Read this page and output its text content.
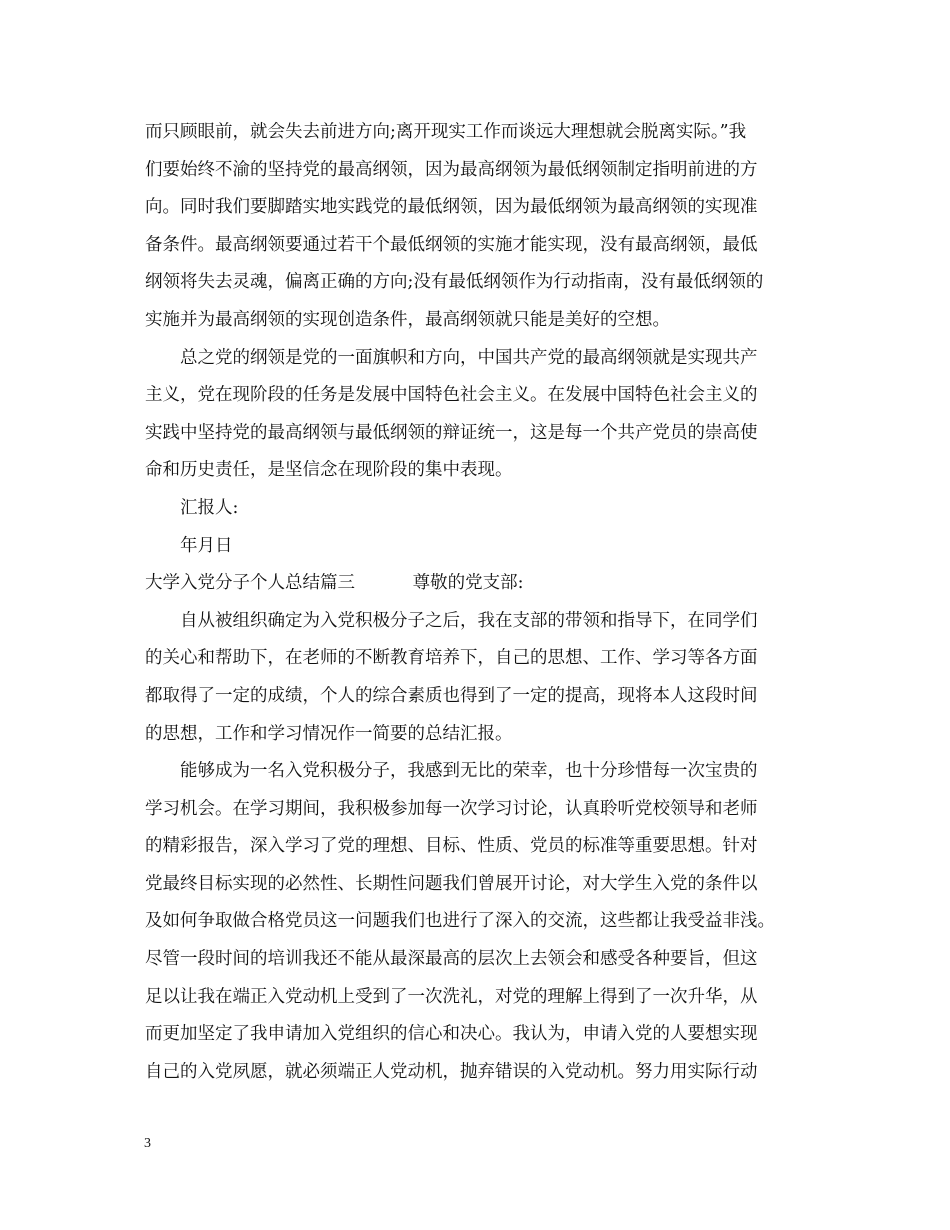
而只顾眼前，就会失去前进方向;离开现实工作而谈远大理想就会脱离实际。”我
们要始终不渝的坚持党的最高纲领，因为最高纲领为最低纲领制定指明前进的方
向。同时我们要脚踏实地实践党的最低纲领，因为最低纲领为最高纲领的实现准
备条件。最高纲领要通过若干个最低纲领的实施才能实现，没有最高纲领，最低
纲领将失去灵魂，偏离正确的方向;没有最低纲领作为行动指南，没有最低纲领的
实施并为最高纲领的实现创造条件，最高纲领就只能是美好的空想。
总之党的纲领是党的一面旗帜和方向，中国共产党的最高纲领就是实现共产
主义，党在现阶段的任务是发展中国特色社会主义。在发展中国特色社会主义的
实践中坚持党的最高纲领与最低纲领的辩证统一，这是每一个共产党员的崇高使
命和历史责任，是坚信念在现阶段的集中表现。
汇报人:
年月日
大学入党分子个人总结篇三	尊敬的党支部:
自从被组织确定为入党积极分子之后，我在支部的带领和指导下，在同学们
的关心和帮助下，在老师的不断教育培养下，自己的思想、工作、学习等各方面
都取得了一定的成绩，个人的综合素质也得到了一定的提高，现将本人这段时间
的思想，工作和学习情况作一简要的总结汇报。
能够成为一名入党积极分子，我感到无比的荣幸，也十分珍惜每一次宝贵的
学习机会。在学习期间，我积极参加每一次学习讨论，认真聆听党校领导和老师
的精彩报告，深入学习了党的理想、目标、性质、党员的标准等重要思想。针对
党最终目标实现的必然性、长期性问题我们曾展开讨论，对大学生入党的条件以
及如何争取做合格党员这一问题我们也进行了深入的交流，这些都让我受益非浅。
尽管一段时间的培训我还不能从最深最高的层次上去领会和感受各种要旨，但这
足以让我在端正入党动机上受到了一次洗礼，对党的理解上得到了一次升华，从
而更加坚定了我申请加入党组织的信心和决心。我认为，申请入党的人要想实现
自己的入党夙愿，就必须端正人党动机，抛弃错误的入党动机。努力用实际行动
3
